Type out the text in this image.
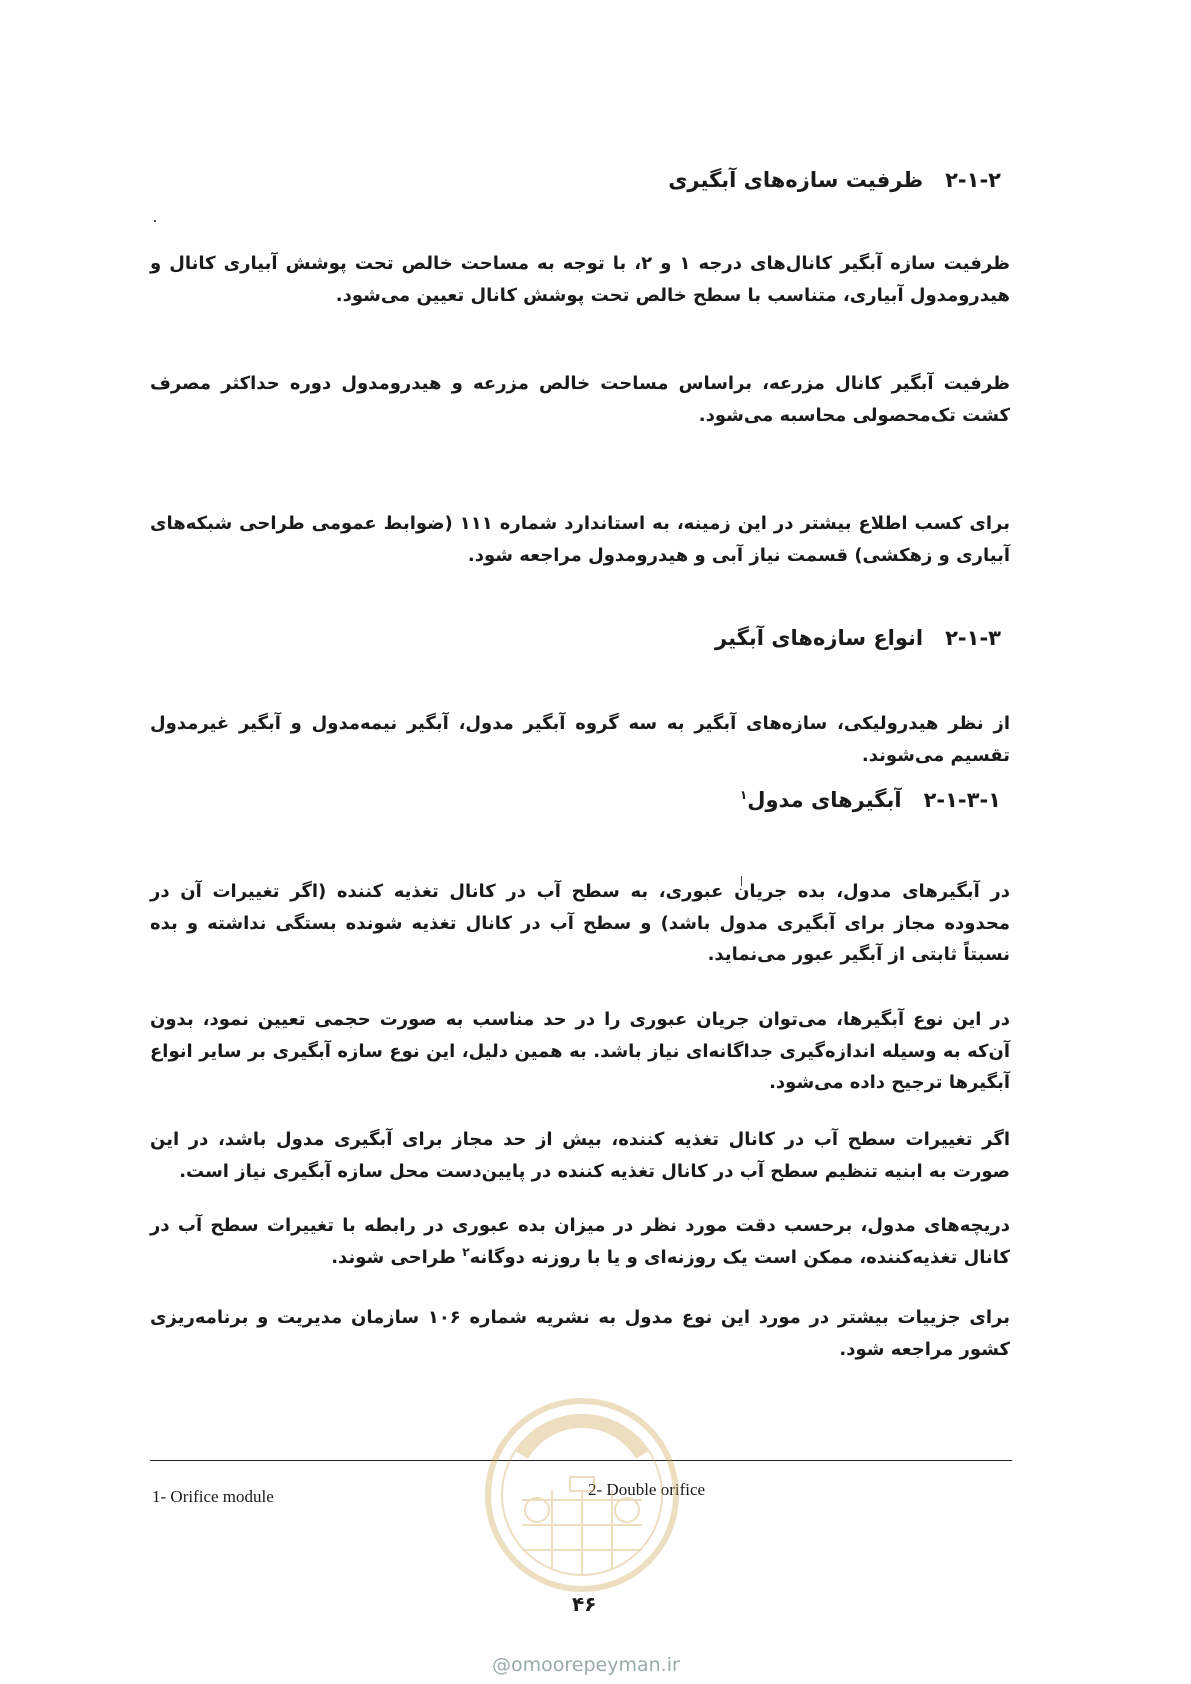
۲-۱-۲ظرفیت سازه‌های آبگیری
ظرفیت سازه آبگیر کانال‌های درجه ۱ و ۲، با توجه به مساحت خالص تحت پوشش آبیاری کانال و هیدرومدول آبیاری، متناسب با سطح خالص تحت پوشش کانال تعیین می‌شود.
ظرفیت آبگیر کانال مزرعه، براساس مساحت خالص مزرعه و هیدرومدول دوره حداکثر مصرف کشت تک‌محصولی محاسبه می‌شود.
برای کسب اطلاع بیشتر در این زمینه، به استاندارد شماره ۱۱۱ (ضوابط عمومی طراحی شبکه‌های آبیاری و زهکشی) قسمت نیاز آبی و هیدرومدول مراجعه شود.
۲-۱-۳انواع سازه‌های آبگیر
از نظر هیدرولیکی، سازه‌های آبگیر به سه گروه آبگیر مدول، آبگیر نیمه‌مدول و آبگیر غیرمدول تقسیم می‌شوند.
۲-۱-۳-۱آبگیرهای مدول$^۱$
در آبگیرهای مدول، بده جریان عبوری، به سطح آب در کانال تغذیه کننده (اگر تغییرات آن در محدوده مجاز برای آبگیری مدول باشد) و سطح آب در کانال تغذیه شونده بستگی نداشته و بده نسبتاً ثابتی از آبگیر عبور می‌نماید.
در این نوع آبگیرها، می‌توان جریان عبوری را در حد مناسب به صورت حجمی تعیین نمود، بدون آن‌که به وسیله اندازه‌گیری جداگانه‌ای نیاز باشد. به همین دلیل، این نوع سازه آبگیری بر سایر انواع آبگیرها ترجیح داده می‌شود.
اگر تغییرات سطح آب در کانال تغذیه کننده، بیش از حد مجاز برای آبگیری مدول باشد، در این صورت به ابنیه تنظیم سطح آب در کانال تغذیه کننده در پایین‌دست محل سازه آبگیری نیاز است.
دریچه‌های مدول، برحسب دقت مورد نظر در میزان بده عبوری در رابطه با تغییرات سطح آب در کانال تغذیه‌کننده، ممکن است یک روزنه‌ای و یا با روزنه دوگانه$^۲$ طراحی شوند.
برای جزییات بیشتر در مورد این نوع مدول به نشریه شماره ۱۰۶ سازمان مدیریت و برنامه‌ریزی کشور مراجعه شود.
1- Orifice module	2- Double orifice
۴۶
@omoorepeyman.ir
